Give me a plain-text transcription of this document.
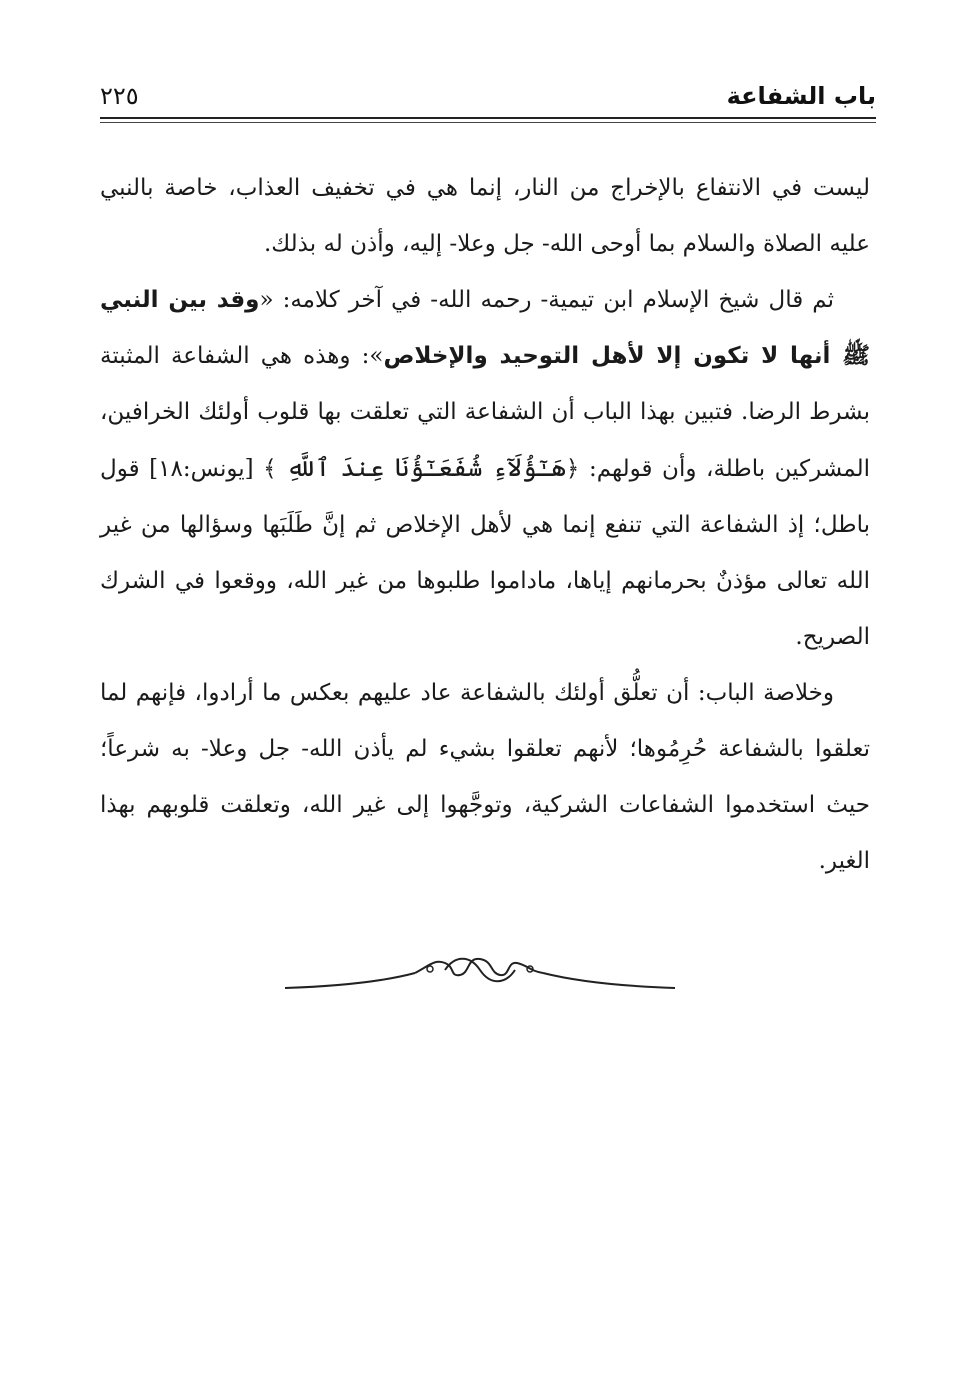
باب الشفاعة
٢٢٥

ليست في الانتفاع بالإخراج من النار، إنما هي في تخفيف العذاب، خاصة بالنبي عليه الصلاة والسلام بما أوحى الله- جل وعلا- إليه، وأذن له بذلك.

ثم قال شيخ الإسلام ابن تيمية- رحمه الله- في آخر كلامه: «وقد بين النبي ﷺ أنها لا تكون إلا لأهل التوحيد والإخلاص»: وهذه هي الشفاعة المثبتة بشرط الرضا. فتبين بهذا الباب أن الشفاعة التي تعلقت بها قلوب أولئك الخرافين، المشركين باطلة، وأن قولهم: ﴿هَـٰٓؤُلَآءِ شُفَعَـٰٓؤُنَا عِندَ ٱللَّهِ ﴾ [يونس:١٨] قول باطل؛ إذ الشفاعة التي تنفع إنما هي لأهل الإخلاص ثم إنَّ طَلَبَها وسؤالها من غير الله تعالى مؤذنٌ بحرمانهم إياها، ماداموا طلبوها من غير الله، ووقعوا في الشرك الصريح.

وخلاصة الباب: أن تعلُّق أولئك بالشفاعة عاد عليهم بعكس ما أرادوا، فإنهم لما تعلقوا بالشفاعة حُرِمُوها؛ لأنهم تعلقوا بشيء لم يأذن الله- جل وعلا- به شرعاً؛ حيث استخدموا الشفاعات الشركية، وتوجَّهوا إلى غير الله، وتعلقت قلوبهم بهذا الغير.
